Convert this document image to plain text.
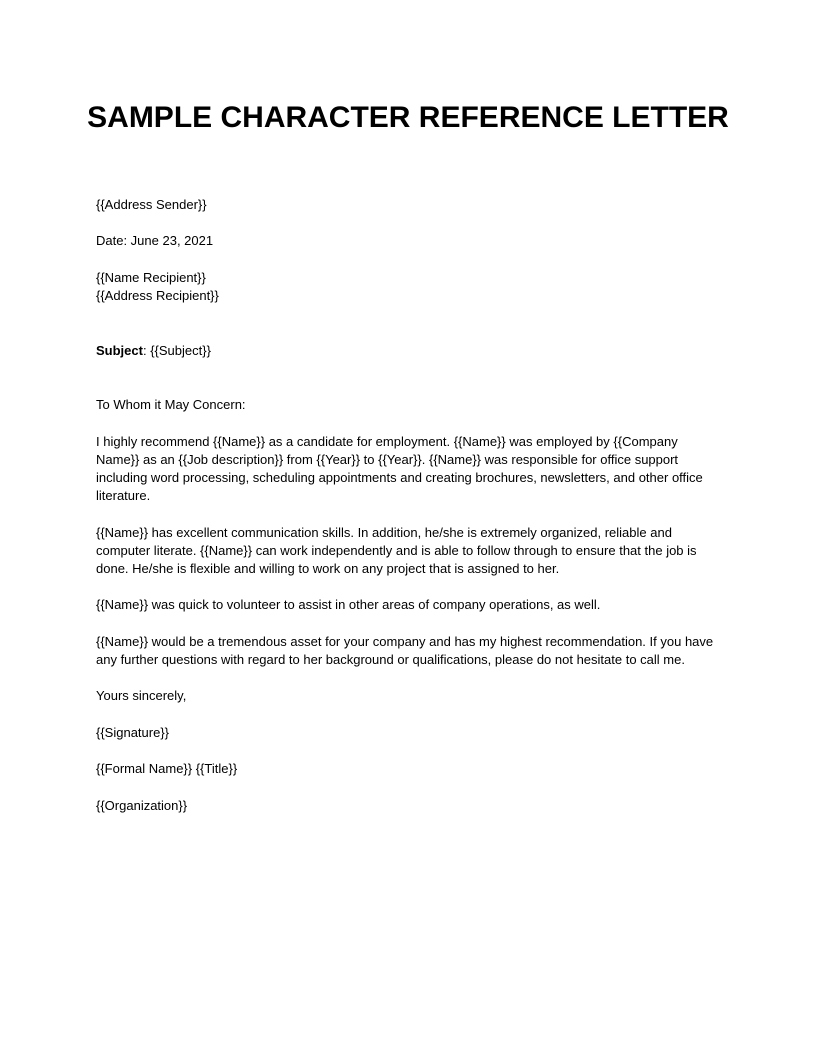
SAMPLE CHARACTER REFERENCE LETTER
{{Address Sender}}
Date: June 23, 2021
{{Name Recipient}}
{{Address Recipient}}
Subject: {{Subject}}
To Whom it May Concern:
I highly recommend {{Name}} as a candidate for employment. {{Name}} was employed by {{Company Name}} as an {{Job description}} from {{Year}} to {{Year}}. {{Name}} was responsible for office support including word processing, scheduling appointments and creating brochures, newsletters, and other office literature.
{{Name}} has excellent communication skills. In addition, he/she is extremely organized, reliable and computer literate. {{Name}} can work independently and is able to follow through to ensure that the job is done. He/she is flexible and willing to work on any project that is assigned to her.
{{Name}} was quick to volunteer to assist in other areas of company operations, as well.
{{Name}} would be a tremendous asset for your company and has my highest recommendation. If you have any further questions with regard to her background or qualifications, please do not hesitate to call me.
Yours sincerely,
{{Signature}}
{{Formal Name}} {{Title}}
{{Organization}}
